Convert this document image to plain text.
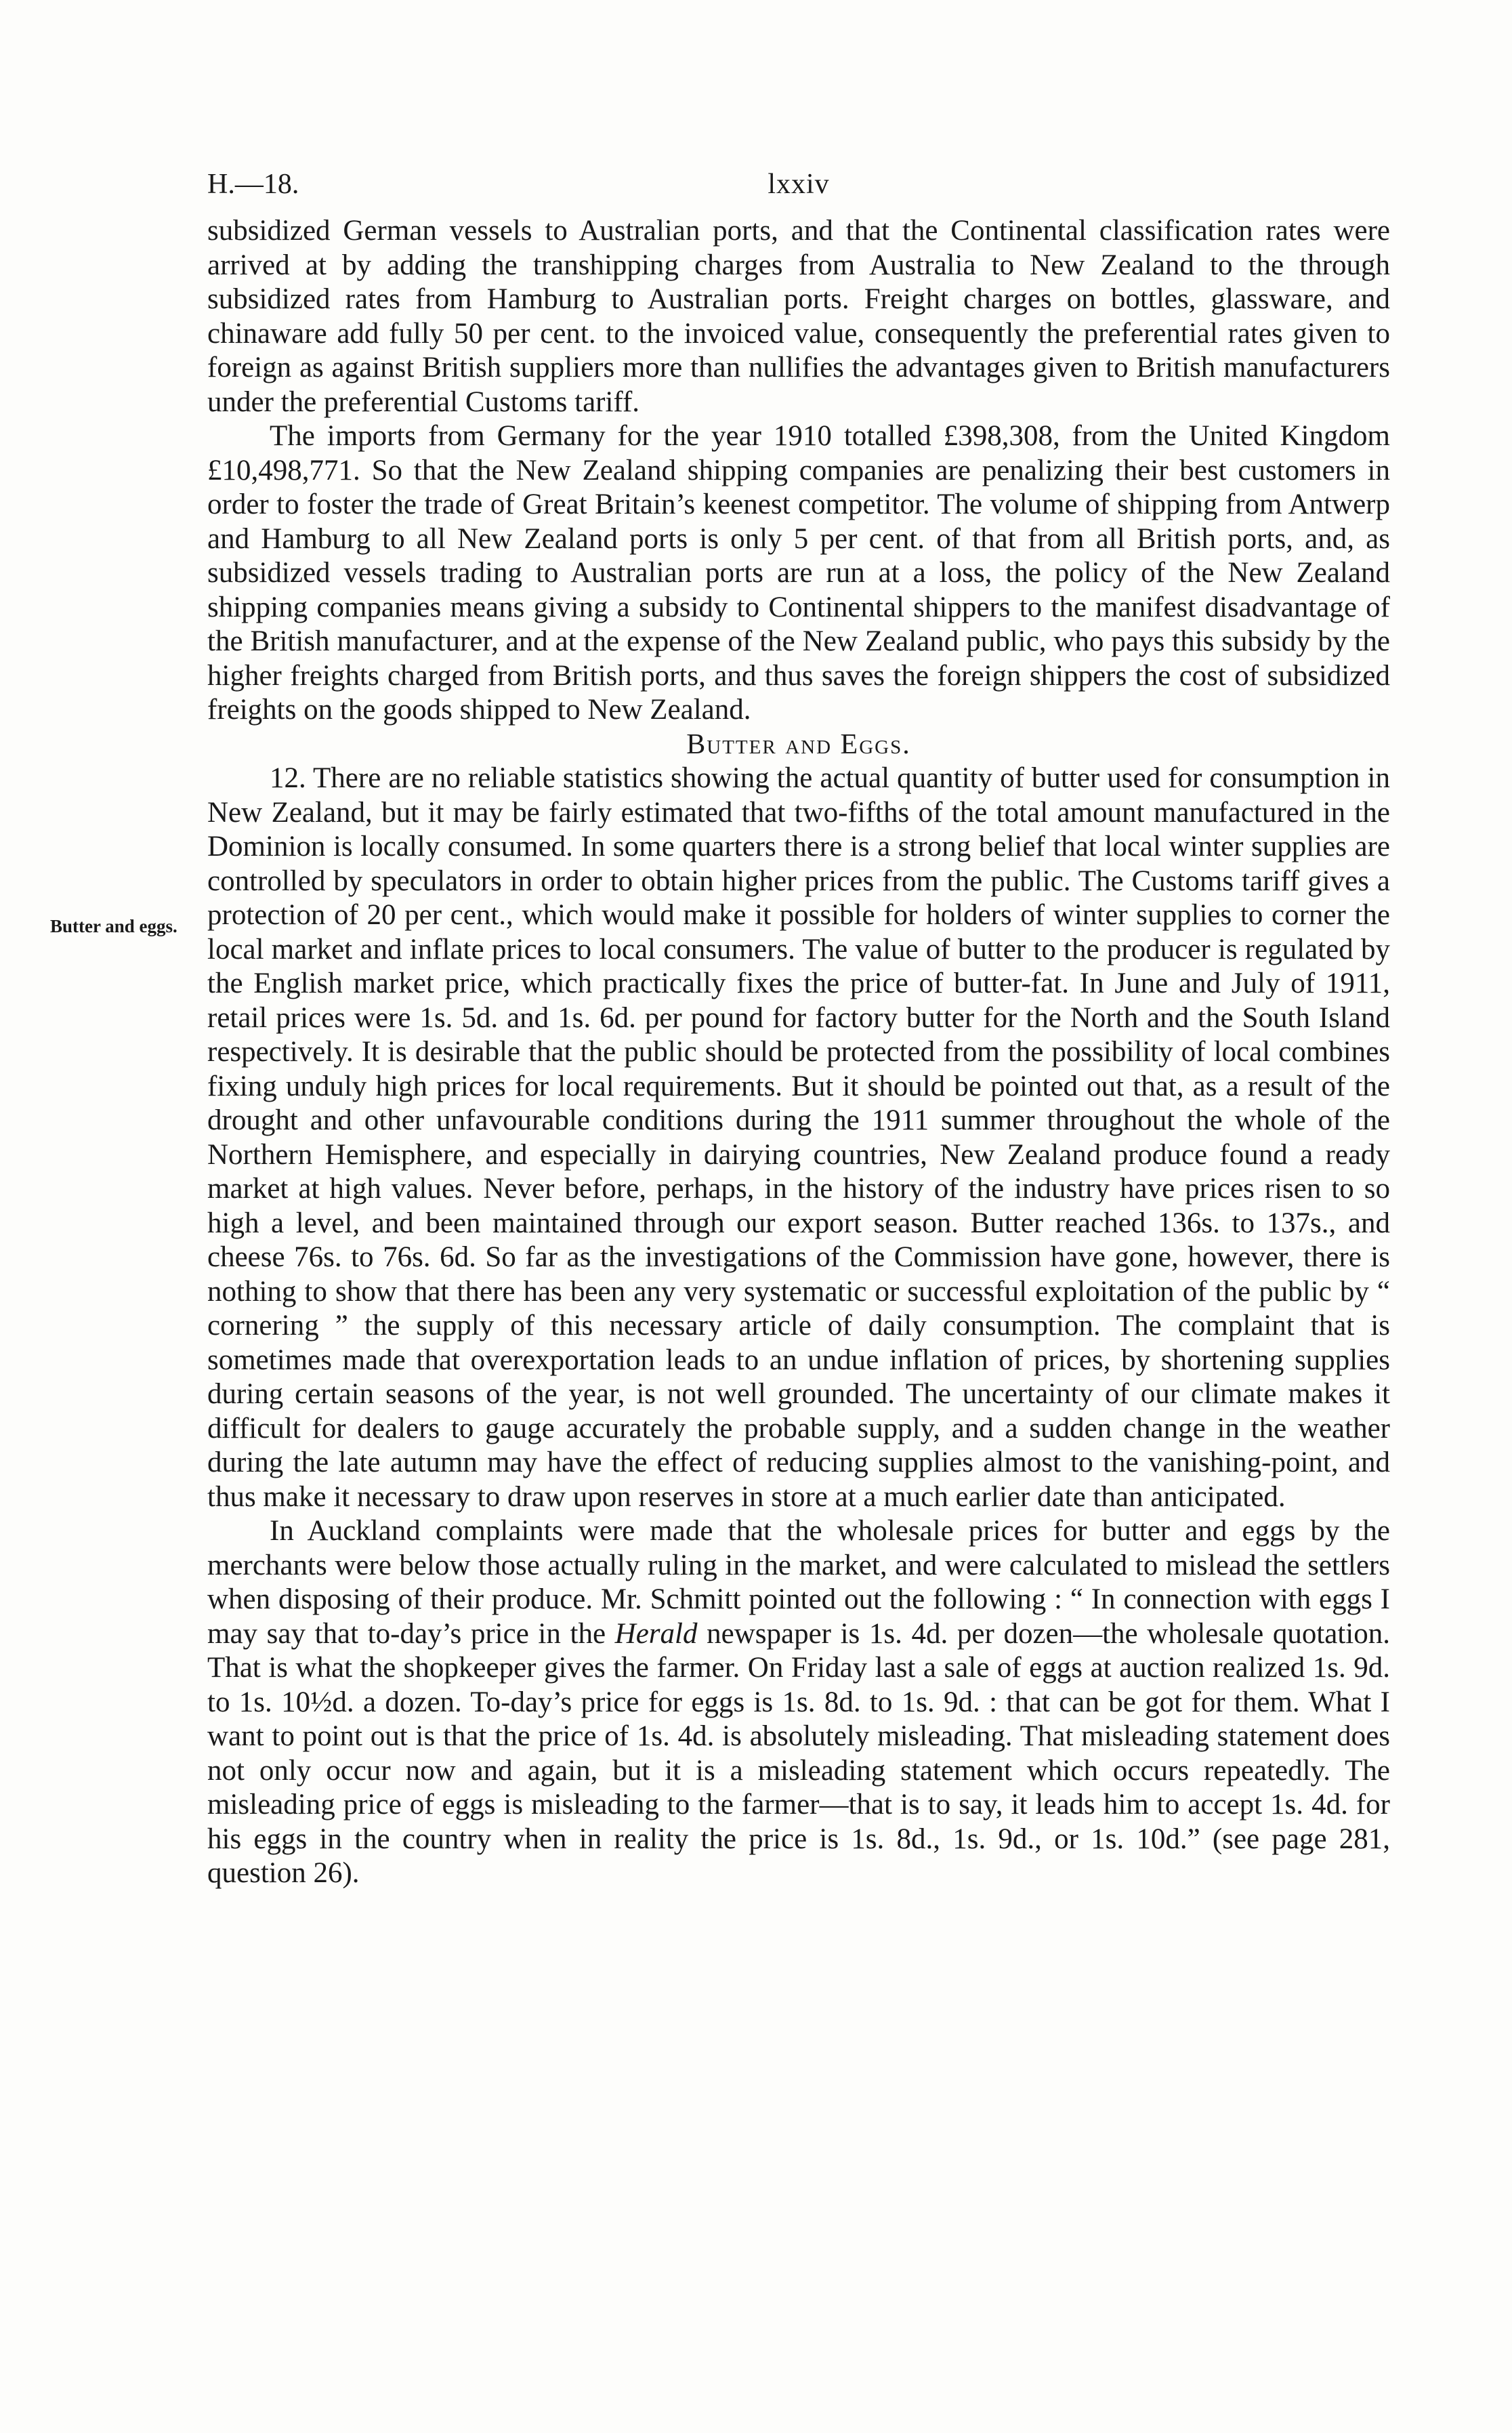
H.—18.	lxxiv
Butter and eggs.

subsidized German vessels to Australian ports, and that the Continental classification rates were arrived at by adding the transhipping charges from Australia to New Zealand to the through subsidized rates from Hamburg to Australian ports. Freight charges on bottles, glassware, and chinaware add fully 50 per cent. to the invoiced value, consequently the preferential rates given to foreign as against British suppliers more than nullifies the advantages given to British manufacturers under the preferential Customs tariff.

The imports from Germany for the year 1910 totalled £398,308, from the United Kingdom £10,498,771. So that the New Zealand shipping companies are penalizing their best customers in order to foster the trade of Great Britain’s keenest competitor. The volume of shipping from Antwerp and Hamburg to all New Zealand ports is only 5 per cent. of that from all British ports, and, as subsidized vessels trading to Australian ports are run at a loss, the policy of the New Zealand shipping companies means giving a subsidy to Continental shippers to the manifest disadvantage of the British manufacturer, and at the expense of the New Zealand public, who pays this subsidy by the higher freights charged from British ports, and thus saves the foreign shippers the cost of subsidized freights on the goods shipped to New Zealand.

Butter and Eggs.

12. There are no reliable statistics showing the actual quantity of butter used for consumption in New Zealand, but it may be fairly estimated that two-fifths of the total amount manufactured in the Dominion is locally consumed. In some quarters there is a strong belief that local winter supplies are controlled by speculators in order to obtain higher prices from the public. The Customs tariff gives a protection of 20 per cent., which would make it possible for holders of winter supplies to corner the local market and inflate prices to local consumers. The value of butter to the producer is regulated by the English market price, which practically fixes the price of butter-fat. In June and July of 1911, retail prices were 1s. 5d. and 1s. 6d. per pound for factory butter for the North and the South Island respectively. It is desirable that the public should be protected from the possibility of local combines fixing unduly high prices for local requirements. But it should be pointed out that, as a result of the drought and other unfavourable conditions during the 1911 summer throughout the whole of the Northern Hemisphere, and especially in dairying countries, New Zealand produce found a ready market at high values. Never before, perhaps, in the history of the industry have prices risen to so high a level, and been maintained through our export season. Butter reached 136s. to 137s., and cheese 76s. to 76s. 6d. So far as the investigations of the Commission have gone, however, there is nothing to show that there has been any very systematic or successful exploitation of the public by “ cornering ” the supply of this necessary article of daily consumption. The complaint that is sometimes made that overexportation leads to an undue inflation of prices, by shortening supplies during certain seasons of the year, is not well grounded. The uncertainty of our climate makes it difficult for dealers to gauge accurately the probable supply, and a sudden change in the weather during the late autumn may have the effect of reducing supplies almost to the vanishing-point, and thus make it necessary to draw upon reserves in store at a much earlier date than anticipated.

In Auckland complaints were made that the wholesale prices for butter and eggs by the merchants were below those actually ruling in the market, and were calculated to mislead the settlers when disposing of their produce. Mr. Schmitt pointed out the following : “ In connection with eggs I may say that to-day’s price in the Herald newspaper is 1s. 4d. per dozen—the wholesale quotation. That is what the shopkeeper gives the farmer. On Friday last a sale of eggs at auction realized 1s. 9d. to 1s. 10½d. a dozen. To-day’s price for eggs is 1s. 8d. to 1s. 9d. : that can be got for them. What I want to point out is that the price of 1s. 4d. is absolutely misleading. That misleading statement does not only occur now and again, but it is a misleading statement which occurs repeatedly. The misleading price of eggs is misleading to the farmer—that is to say, it leads him to accept 1s. 4d. for his eggs in the country when in reality the price is 1s. 8d., 1s. 9d., or 1s. 10d.” (see page 281, question 26).
